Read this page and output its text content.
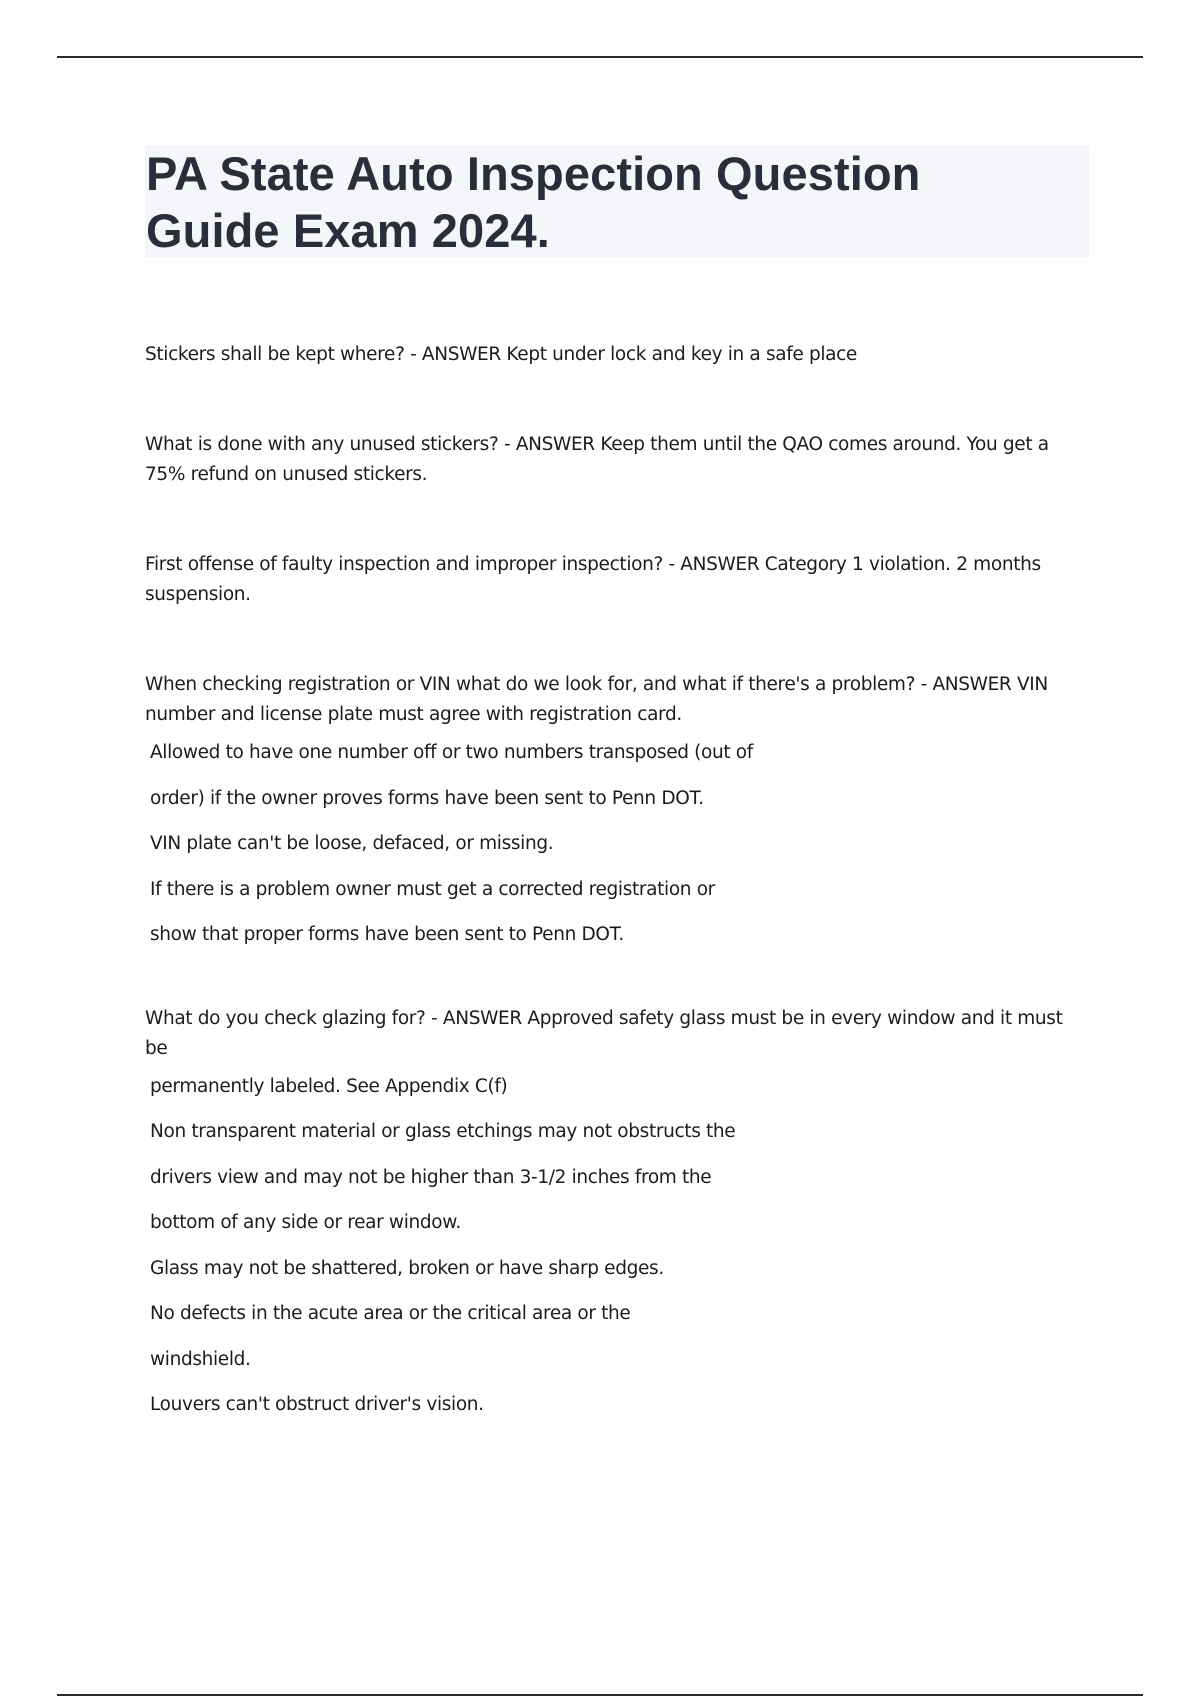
PA State Auto Inspection Question
Guide Exam 2024.

Stickers shall be kept where? - ANSWER Kept under lock and key in a safe place

What is done with any unused stickers? - ANSWER Keep them until the QAO comes around. You get a

75% refund on unused stickers.

First offense of faulty inspection and improper inspection? - ANSWER Category 1 violation. 2 months

suspension.

When checking registration or VIN what do we look for, and what if there's a problem? - ANSWER VIN

number and license plate must agree with registration card.

Allowed to have one number off or two numbers transposed (out of

order) if the owner proves forms have been sent to Penn DOT.

VIN plate can't be loose, defaced, or missing.

If there is a problem owner must get a corrected registration or

show that proper forms have been sent to Penn DOT.

What do you check glazing for? - ANSWER Approved safety glass must be in every window and it must

be

permanently labeled. See Appendix C(f)

Non transparent material or glass etchings may not obstructs the

drivers view and may not be higher than 3-1/2 inches from the

bottom of any side or rear window.

Glass may not be shattered, broken or have sharp edges.

No defects in the acute area or the critical area or the

windshield.

Louvers can't obstruct driver's vision.
